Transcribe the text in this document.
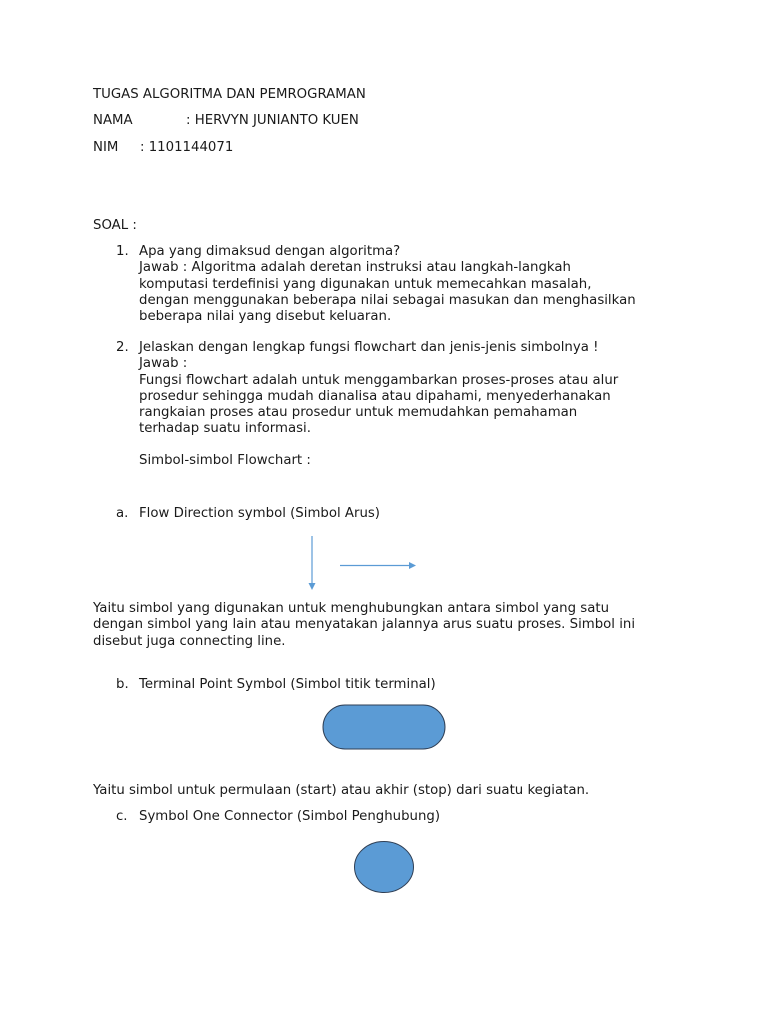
TUGAS ALGORITMA DAN PEMROGRAMAN
NAMA	: HERVYN JUNIANTO KUEN
NIM : 1101144071
SOAL :
1. Apa yang dimaksud dengan algoritma?
Jawab : Algoritma adalah deretan instruksi atau langkah-langkah
komputasi terdefinisi yang digunakan untuk memecahkan masalah,
dengan menggunakan beberapa nilai sebagai masukan dan menghasilkan
beberapa nilai yang disebut keluaran.
2. Jelaskan dengan lengkap fungsi flowchart dan jenis-jenis simbolnya !
Jawab :
Fungsi flowchart adalah untuk menggambarkan proses-proses atau alur
prosedur sehingga mudah dianalisa atau dipahami, menyederhanakan
rangkaian proses atau prosedur untuk memudahkan pemahaman
terhadap suatu informasi.
Simbol-simbol Flowchart :
a. Flow Direction symbol (Simbol Arus)
Yaitu simbol yang digunakan untuk menghubungkan antara simbol yang satu
dengan simbol yang lain atau menyatakan jalannya arus suatu proses. Simbol ini
disebut juga connecting line.
b. Terminal Point Symbol (Simbol titik terminal)
Yaitu simbol untuk permulaan (start) atau akhir (stop) dari suatu kegiatan.
c. Symbol One Connector (Simbol Penghubung)
